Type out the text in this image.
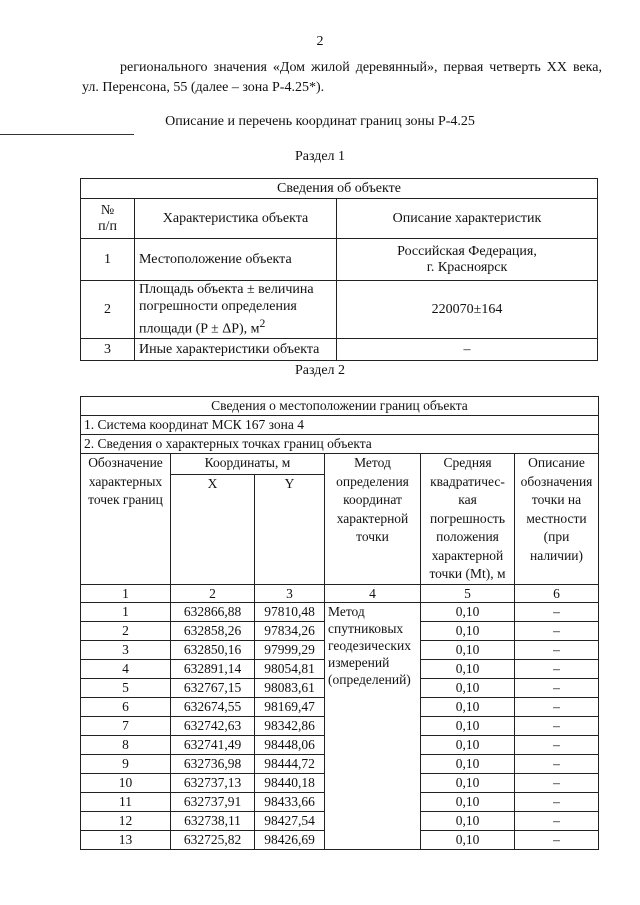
2
регионального значения «Дом жилой деревянный», первая четверть XX века, ул. Перенсона, 55 (далее – зона Р-4.25*).
Описание и перечень координат границ зоны Р-4.25
Раздел 1
Сведения об объекте		
№
п/п	Характеристика объекта	Описание характеристик
1	Местоположение объекта	Российская Федерация,
г. Красноярск
2	Площадь объекта ± величина погрешности определения площади (P ± ΔP), $м^2$	220070±164
3	Иные характеристики объекта	–
Раздел 2
Сведения о местоположении границ объекта					
1. Система координат МСК 167 зона 4					
2. Сведения о характерных точках границ объекта					
Обозначение характерных точек границ	Координаты, м		Метод определения координат характерной точки	Средняя квадратичес-кая погрешность положения характерной точки (Mt), м	Описание обозначения точки на местности (при наличии)
	X	Y			
1	2	3	4	5	6
1	632866,88	97810,48	Метод
спутниковых
геодезических
измерений
(определений)	0,10	–
2	632858,26	97834,26		0,10	–
3	632850,16	97999,29		0,10	–
4	632891,14	98054,81		0,10	–
5	632767,15	98083,61		0,10	–
6	632674,55	98169,47		0,10	–
7	632742,63	98342,86		0,10	–
8	632741,49	98448,06		0,10	–
9	632736,98	98444,72		0,10	–
10	632737,13	98440,18		0,10	–
11	632737,91	98433,66		0,10	–
12	632738,11	98427,54		0,10	–
13	632725,82	98426,69		0,10	–
